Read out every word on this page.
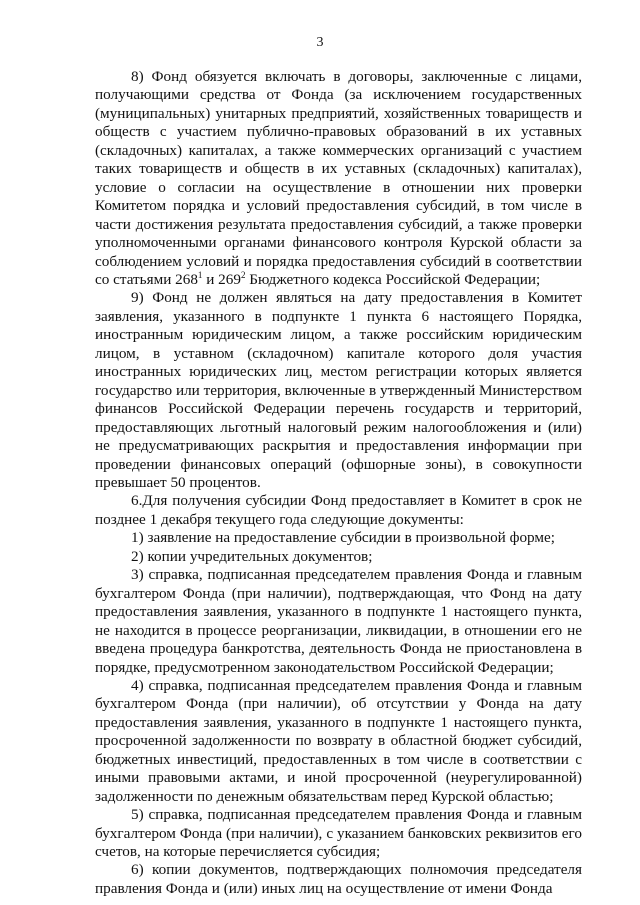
3

8) Фонд обязуется включать в договоры, заключенные с лицами, получающими средства от Фонда (за исключением государственных (муниципальных) унитарных предприятий, хозяйственных товариществ и обществ с участием публично-правовых образований в их уставных (складочных) капиталах, а также коммерческих организаций с участием таких товариществ и обществ в их уставных (складочных) капиталах), условие о согласии на осуществление в отношении них проверки Комитетом порядка и условий предоставления субсидий, в том числе в части достижения результата предоставления субсидий, а также проверки уполномоченными органами финансового контроля Курской области за соблюдением условий и порядка предоставления субсидий в соответствии со статьями $268^1$ и $269^2$ Бюджетного кодекса Российской Федерации;

9) Фонд не должен являться на дату предоставления в Комитет заявления, указанного в подпункте 1 пункта 6 настоящего Порядка, иностранным юридическим лицом, а также российским юридическим лицом, в уставном (складочном) капитале которого доля участия иностранных юридических лиц, местом регистрации которых является государство или территория, включенные в утвержденный Министерством финансов Российской Федерации перечень государств и территорий, предоставляющих льготный налоговый режим налогообложения и (или) не предусматривающих раскрытия и предоставления информации при проведении финансовых операций (офшорные зоны), в совокупности превышает 50 процентов.

6.Для получения субсидии Фонд предоставляет в Комитет в срок не позднее 1 декабря текущего года следующие документы:

1) заявление на предоставление субсидии в произвольной форме;

2) копии учредительных документов;

3) справка, подписанная председателем правления Фонда и главным бухгалтером Фонда (при наличии), подтверждающая, что Фонд на дату предоставления заявления, указанного в подпункте 1 настоящего пункта, не находится в процессе реорганизации, ликвидации, в отношении его не введена процедура банкротства, деятельность Фонда не приостановлена в порядке, предусмотренном законодательством Российской Федерации;

4) справка, подписанная председателем правления Фонда и главным бухгалтером Фонда (при наличии), об отсутствии у Фонда на дату предоставления заявления, указанного в подпункте 1 настоящего пункта, просроченной задолженности по возврату в областной бюджет субсидий, бюджетных инвестиций, предоставленных в том числе в соответствии с иными правовыми актами, и иной просроченной (неурегулированной) задолженности по денежным обязательствам перед Курской областью;

5) справка, подписанная председателем правления Фонда и главным бухгалтером Фонда (при наличии), с указанием банковских реквизитов его счетов, на которые перечисляется субсидия;

6) копии документов, подтверждающих полномочия председателя правления Фонда и (или) иных лиц на осуществление от имени Фонда
